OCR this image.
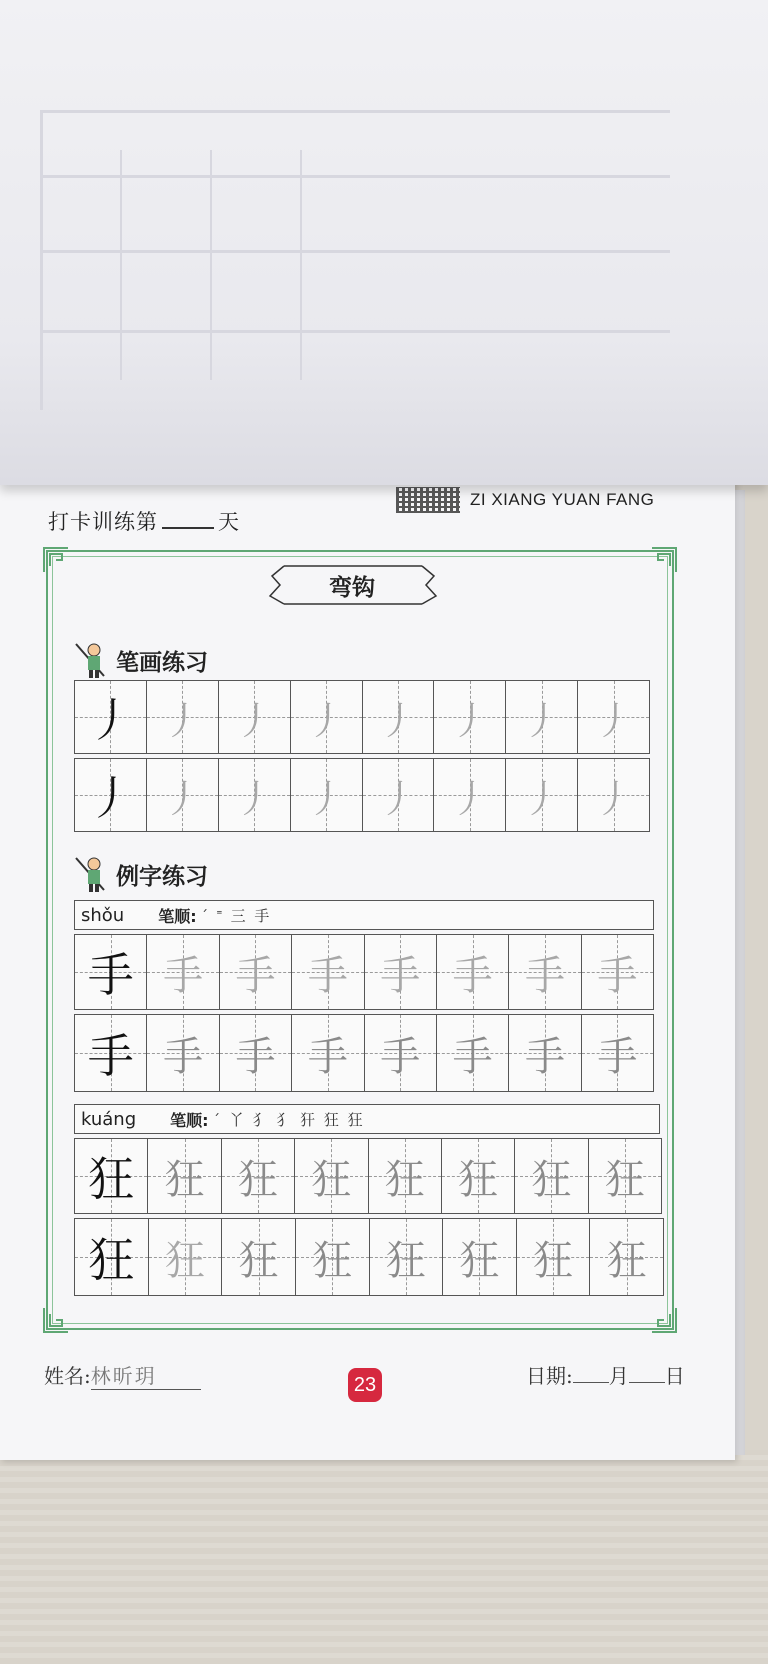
打卡训练第	天
ZI XIANG YUAN FANG
弯钩
笔画练习
丿 丿 丿 丿 丿 丿 丿 丿
丿 丿 丿 丿 丿 丿 丿 丿
例字练习
shǒu 笔顺: ´ ˭ 三 手
手 手 手 手 手 手 手 手
手 手 手 手 手 手 手 手
kuáng 笔顺: ´ 丫 犭 犭 犴 狂 狂
狂 狂 狂 狂 狂 狂 狂 狂
狂 狂 狂 狂 狂 狂 狂 狂
姓名:林昕玥	23	日期: 月 日
